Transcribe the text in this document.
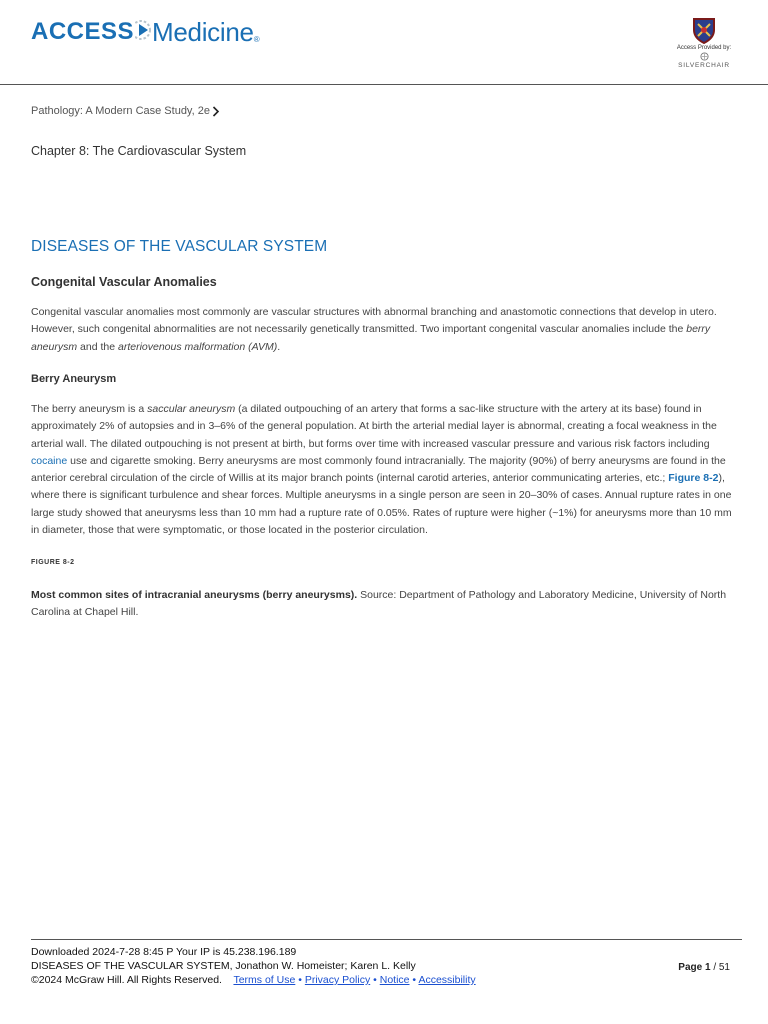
ACCESS Medicine ®
Access Provided by:
SILVERCHAIR
Pathology: A Modern Case Study, 2e
Chapter 8: The Cardiovascular System
DISEASES OF THE VASCULAR SYSTEM
Congenital Vascular Anomalies
Congenital vascular anomalies most commonly are vascular structures with abnormal branching and anastomotic connections that develop in utero. However, such congenital abnormalities are not necessarily genetically transmitted. Two important congenital vascular anomalies include the berry aneurysm and the arteriovenous malformation (AVM).
Berry Aneurysm
The berry aneurysm is a saccular aneurysm (a dilated outpouching of an artery that forms a sac-like structure with the artery at its base) found in approximately 2% of autopsies and in 3–6% of the general population. At birth the arterial medial layer is abnormal, creating a focal weakness in the arterial wall. The dilated outpouching is not present at birth, but forms over time with increased vascular pressure and various risk factors including cocaine use and cigarette smoking. Berry aneurysms are most commonly found intracranially. The majority (90%) of berry aneurysms are found in the anterior cerebral circulation of the circle of Willis at its major branch points (internal carotid arteries, anterior communicating arteries, etc.; Figure 8-2), where there is significant turbulence and shear forces. Multiple aneurysms in a single person are seen in 20–30% of cases. Annual rupture rates in one large study showed that aneurysms less than 10 mm had a rupture rate of 0.05%. Rates of rupture were higher (~1%) for aneurysms more than 10 mm in diameter, those that were symptomatic, or those located in the posterior circulation.
FIGURE 8-2
Most common sites of intracranial aneurysms (berry aneurysms). Source: Department of Pathology and Laboratory Medicine, University of North Carolina at Chapel Hill.
Downloaded 2024-7-28 8:45 P Your IP is 45.238.196.189
DISEASES OF THE VASCULAR SYSTEM, Jonathon W. Homeister; Karen L. Kelly
©2024 McGraw Hill. All Rights Reserved. Terms of Use • Privacy Policy • Notice • Accessibility
Page 1 / 51
